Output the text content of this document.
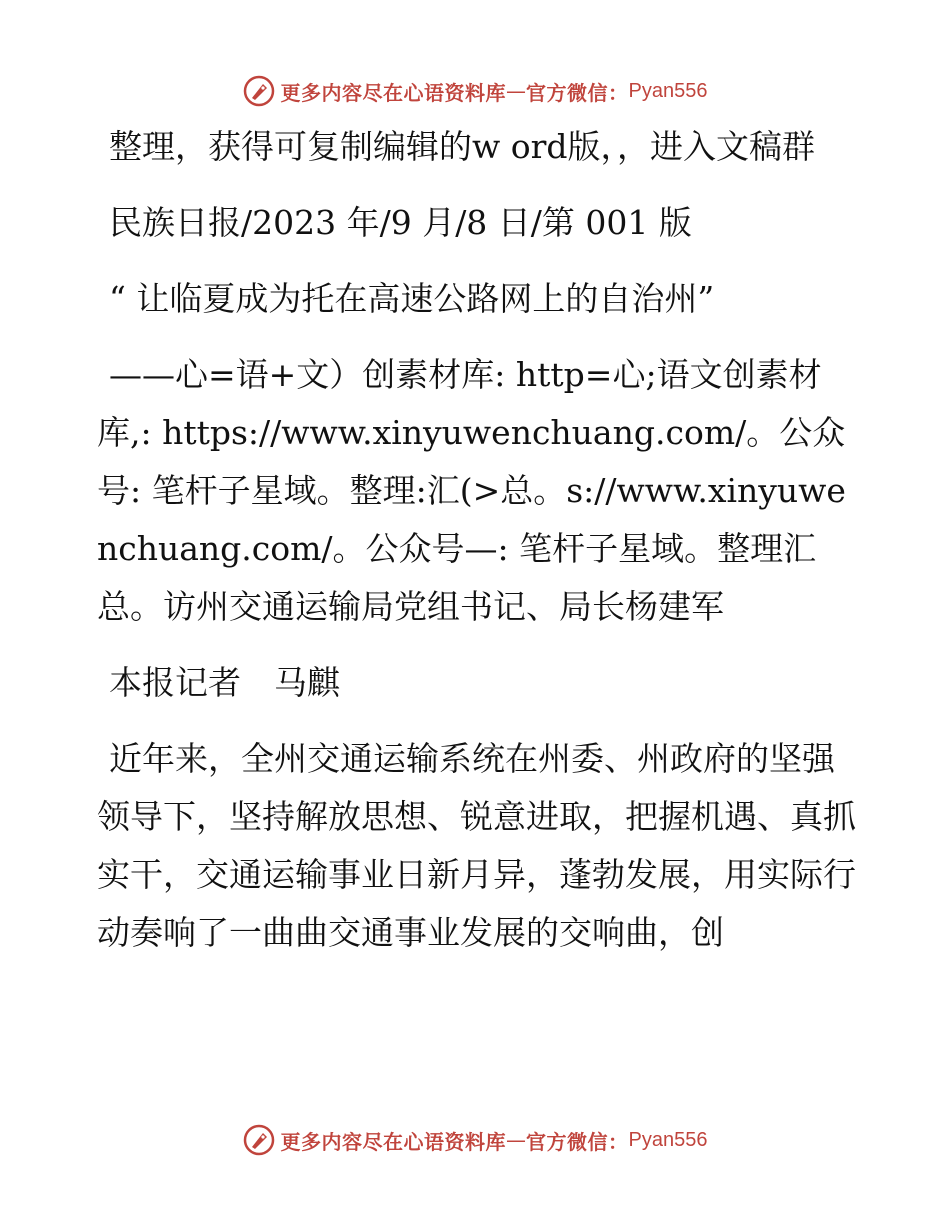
更多内容尽在心语资料库 — 官方微信： Pyan556

整理，获得可复制编辑的w ord版，，进入文稿群

民族日报/2023 年/9 月/8 日/第 001 版

“ 让临夏成为托在高速公路网上的自治州”

——心=语+文）创素材库: http=心;语文创素材库,: https://www.xinyuwenchuang.com/。公众号: 笔杆子星域。整理:汇(>总。s://www.xinyuwenchuang.com/。公众号—: 笔杆子星域。整理汇总。访州交通运输局党组书记、局长杨建军

本报记者　马麒

近年来，全州交通运输系统在州委、州政府的坚强领导下，坚持解放思想、锐意进取，把握机遇、真抓实干，交通运输事业日新月异，蓬勃发展，用实际行动奏响了一曲曲交通事业发展的交响曲，创

更多内容尽在心语资料库 — 官方微信： Pyan556
